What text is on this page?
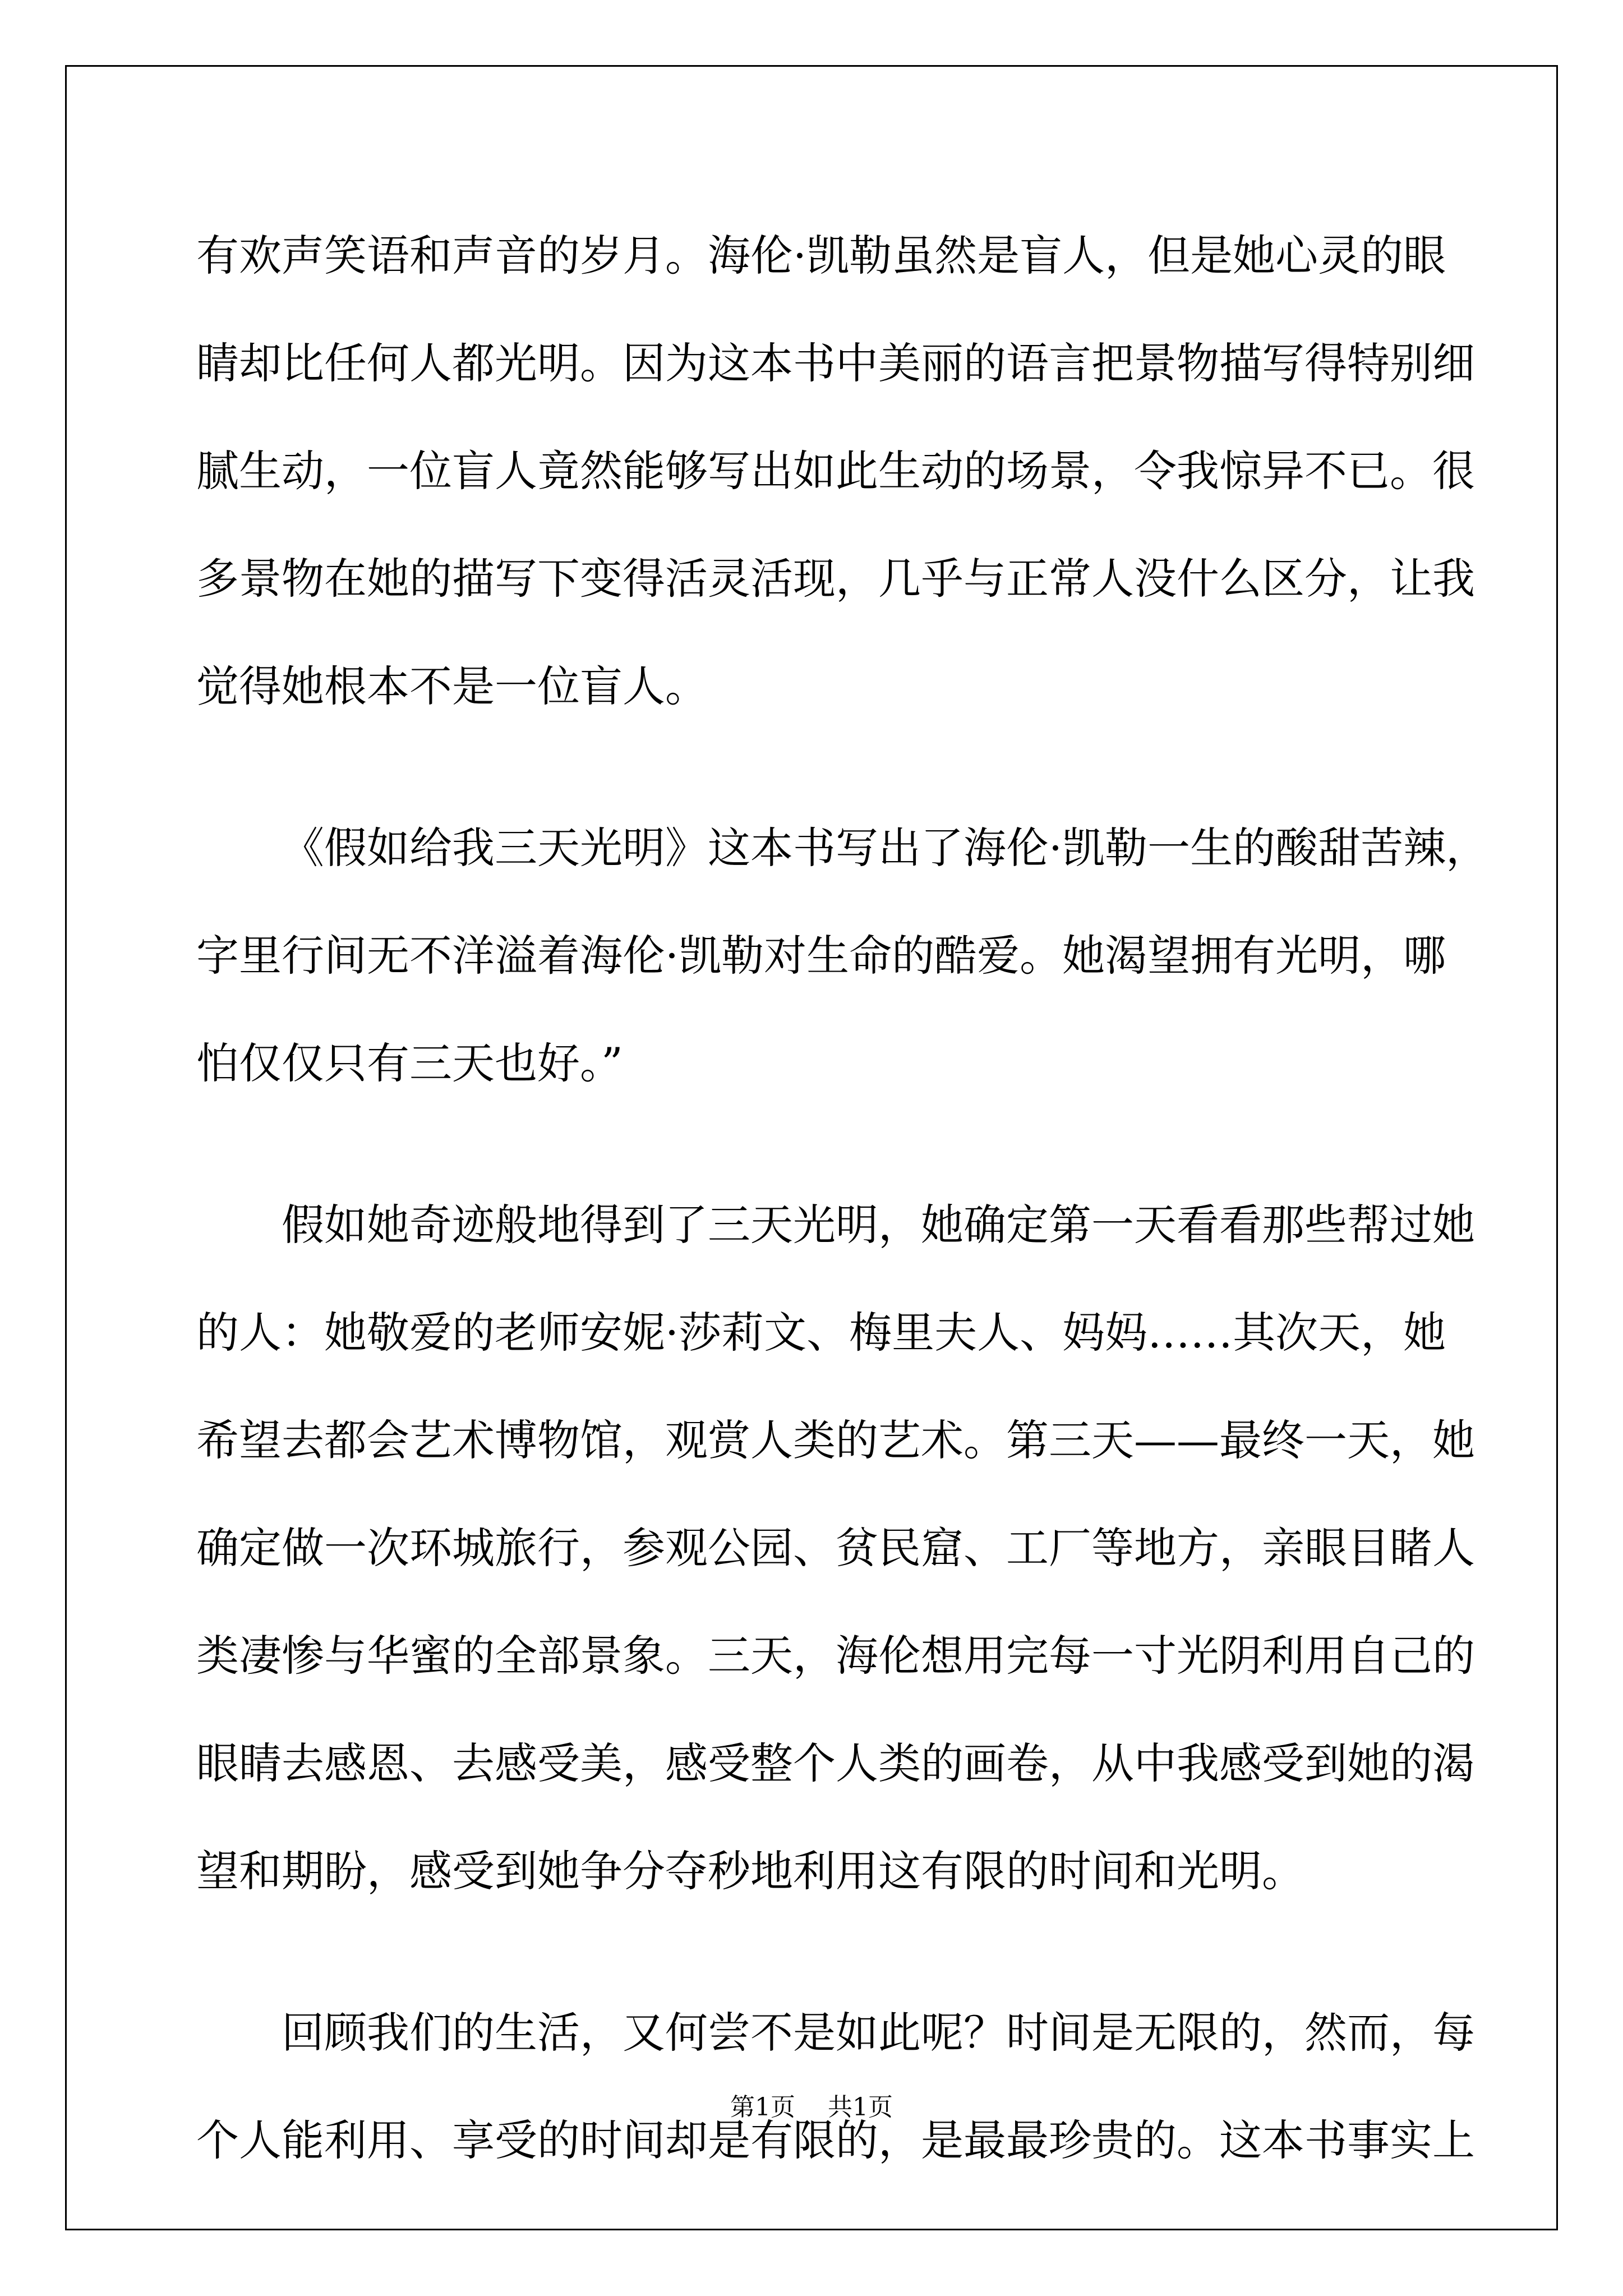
有欢声笑语和声音的岁月。海伦·凯勒虽然是盲人，但是她心灵的眼
睛却比任何人都光明。因为这本书中美丽的语言把景物描写得特别细
腻生动，一位盲人竟然能够写出如此生动的场景，令我惊异不已。很
多景物在她的描写下变得活灵活现，几乎与正常人没什么区分，让我
觉得她根本不是一位盲人。
《假如给我三天光明》这本书写出了海伦·凯勒一生的酸甜苦辣，
字里行间无不洋溢着海伦·凯勒对生命的酷爱。她渴望拥有光明，哪
怕仅仅只有三天也好。”
假如她奇迹般地得到了三天光明，她确定第一天看看那些帮过她
的人：她敬爱的老师安妮·莎莉文、梅里夫人、妈妈……其次天，她
希望去都会艺术博物馆，观赏人类的艺术。第三天——最终一天，她
确定做一次环城旅行，参观公园、贫民窟、工厂等地方，亲眼目睹人
类凄惨与华蜜的全部景象。三天，海伦想用完每一寸光阴利用自己的
眼睛去感恩、去感受美，感受整个人类的画卷，从中我感受到她的渴
望和期盼，感受到她争分夺秒地利用这有限的时间和光明。
回顾我们的生活，又何尝不是如此呢？时间是无限的，然而，每
个人能利用、享受的时间却是有限的，是最最珍贵的。这本书事实上
第1页 共1页
